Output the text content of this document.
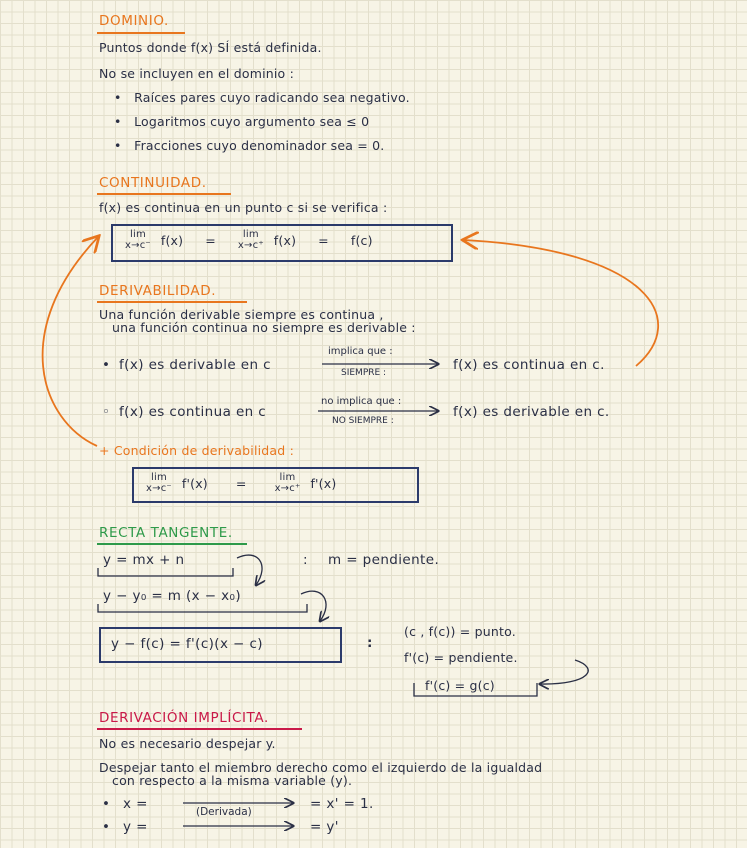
DOMINIO.
Puntos donde f(x) SÍ está definida.
No se incluyen en el dominio :
•   Raíces pares cuyo radicando sea negativo.
•   Logaritmos cuyo argumento sea ≤ 0
•   Fracciones cuyo denominador sea = 0.
CONTINUIDAD.
f(x) es continua en un punto c si se verifica :
lim
x→c⁻ f(x) =	lim
x→c⁺ f(x) = f(c)
DERIVABILIDAD.
Una función derivable siempre es continua ,
una función continua no siempre es derivable :
• f(x) es derivable en c
implica que :
SIEMPRE :	f(x) es continua en c.
◦ f(x) es continua en c
no implica que :
NO SIEMPRE :
f(x) es derivable en c.
+ Condición de derivabilidad :
lim
x→c⁻ f'(x) =	lim
x→c⁺ f'(x)
RECTA TANGENTE.
y = mx + n	: m = pendiente.
y − y₀ = m (x − x₀)
y − f(c) = f'(c)(x − c)	:
(c , f(c)) = punto.
f'(c) = pendiente.
f'(c) = g(c)
DERIVACIÓN IMPLÍCITA.
No es necesario despejar y.
Despejar tanto el miembro derecho como el izquierdo de la igualdad
con respecto a la misma variable (y).
• x =	= x' = 1.
(Derivada)
• y =	= y'
